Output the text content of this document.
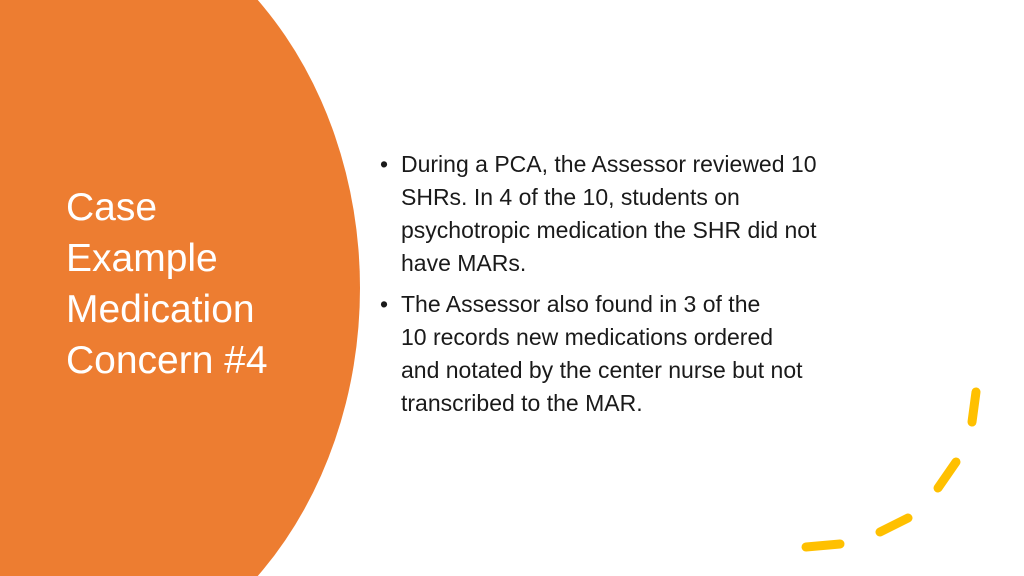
Case
Example
Medication
Concern #4
• During a PCA, the Assessor reviewed 10
SHRs. In 4 of the 10, students on
psychotropic medication the SHR did not
have MARs.
• The Assessor also found in 3 of the
10 records new medications ordered
and notated by the center nurse but not
transcribed to the MAR.
